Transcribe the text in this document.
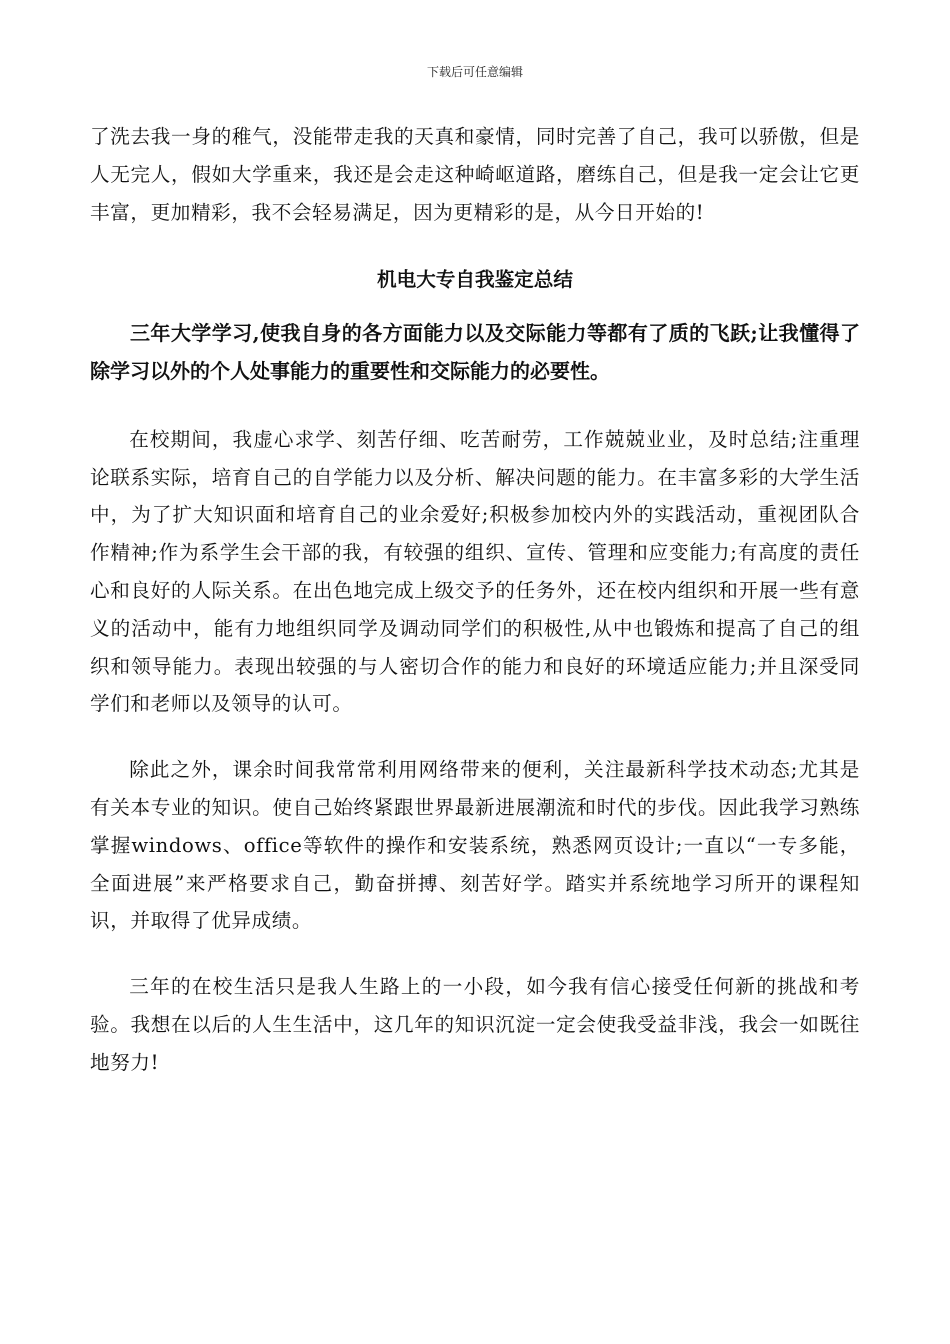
下载后可任意编辑

了洗去我一身的稚气，没能带走我的天真和豪情，同时完善了自己，我可以骄傲，但是人无完人，假如大学重来，我还是会走这种崎岖道路，磨练自己，但是我一定会让它更丰富，更加精彩，我不会轻易满足，因为更精彩的是，从今日开始的!

机电大专自我鉴定总结

三年大学学习,使我自身的各方面能力以及交际能力等都有了质的飞跃;让我懂得了除学习以外的个人处事能力的重要性和交际能力的必要性。

在校期间，我虚心求学、刻苦仔细、吃苦耐劳，工作兢兢业业，及时总结;注重理论联系实际，培育自己的自学能力以及分析、解决问题的能力。在丰富多彩的大学生活中，为了扩大知识面和培育自己的业余爱好;积极参加校内外的实践活动，重视团队合作精神;作为系学生会干部的我，有较强的组织、宣传、管理和应变能力;有高度的责任心和良好的人际关系。在出色地完成上级交予的任务外，还在校内组织和开展一些有意义的活动中，能有力地组织同学及调动同学们的积极性,从中也锻炼和提高了自己的组织和领导能力。表现出较强的与人密切合作的能力和良好的环境适应能力;并且深受同学们和老师以及领导的认可。

除此之外，课余时间我常常利用网络带来的便利，关注最新科学技术动态;尤其是有关本专业的知识。使自己始终紧跟世界最新进展潮流和时代的步伐。因此我学习熟练掌握windows、office等软件的操作和安装系统，熟悉网页设计;一直以“一专多能，全面进展”来严格要求自己，勤奋拼搏、刻苦好学。踏实并系统地学习所开的课程知识，并取得了优异成绩。

三年的在校生活只是我人生路上的一小段，如今我有信心接受任何新的挑战和考验。我想在以后的人生生活中，这几年的知识沉淀一定会使我受益非浅，我会一如既往地努力!
